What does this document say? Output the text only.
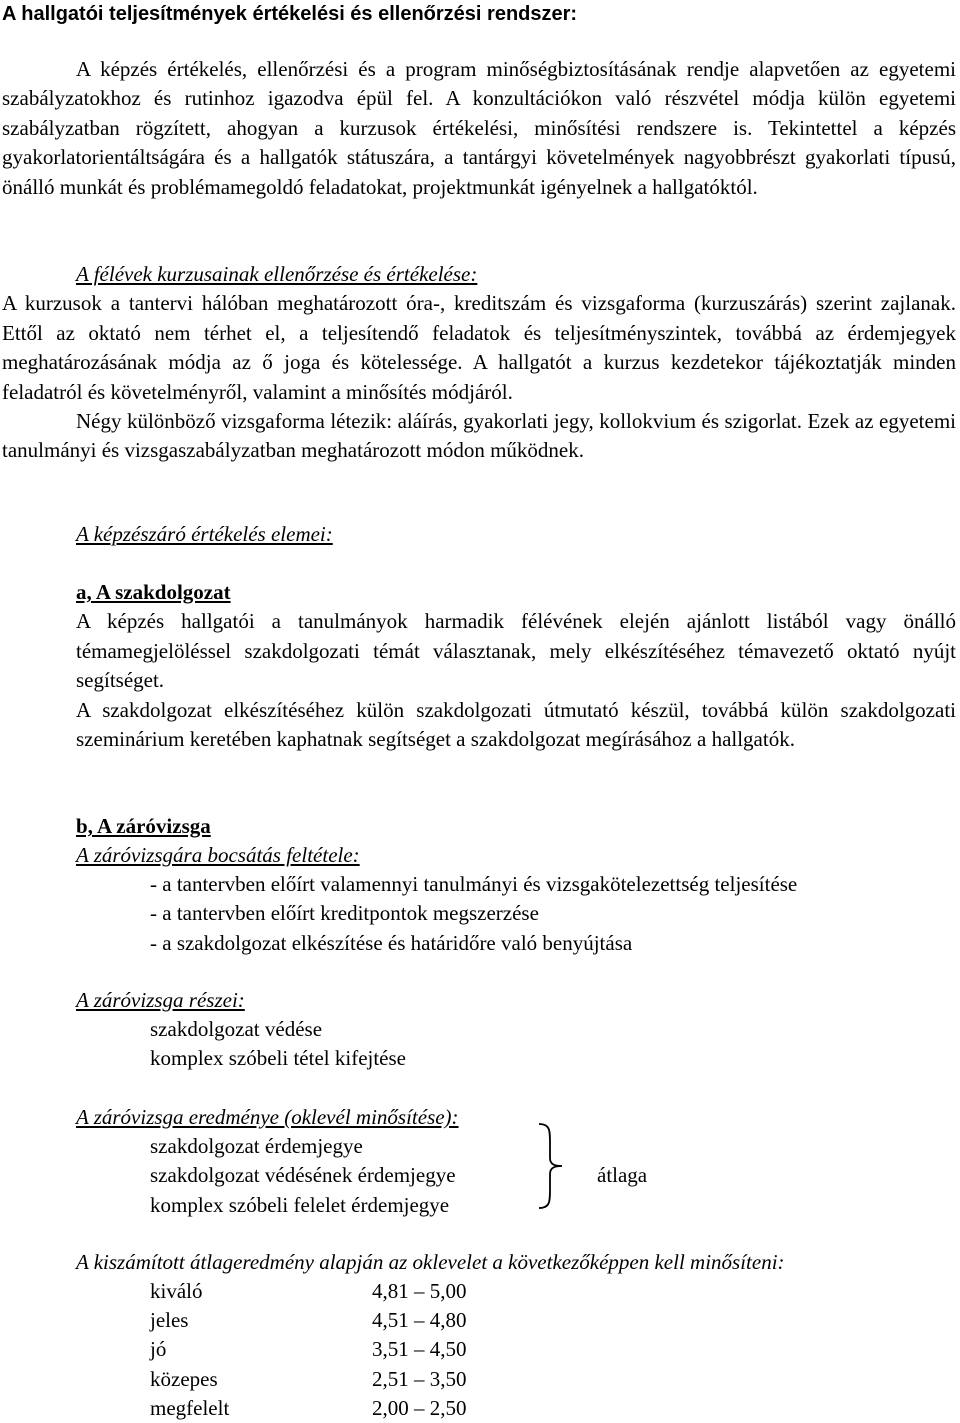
A hallgatói teljesítmények értékelési és ellenőrzési rendszer:

A képzés értékelés, ellenőrzési és a program minőségbiztosításának rendje alapvetően az egyetemi szabályzatokhoz és rutinhoz igazodva épül fel. A konzultációkon való részvétel módja külön egyetemi szabályzatban rögzített, ahogyan a kurzusok értékelési, minősítési rendszere is. Tekintettel a képzés gyakorlatorientáltságára és a hallgatók státuszára, a tantárgyi követelmények nagyobbrészt gyakorlati típusú, önálló munkát és problémamegoldó feladatokat, projektmunkát igényelnek a hallgatóktól.

A félévek kurzusainak ellenőrzése és értékelése:

A kurzusok a tantervi hálóban meghatározott óra-, kreditszám és vizsgaforma (kurzuszárás) szerint zajlanak. Ettől az oktató nem térhet el, a teljesítendő feladatok és teljesítményszintek, továbbá az érdemjegyek meghatározásának módja az ő joga és kötelessége. A hallgatót a kurzus kezdetekor tájékoztatják minden feladatról és követelményről, valamint a minősítés módjáról.

Négy különböző vizsgaforma létezik: aláírás, gyakorlati jegy, kollokvium és szigorlat. Ezek az egyetemi tanulmányi és vizsgaszabályzatban meghatározott módon működnek.

A képzészáró értékelés elemei:
a, A szakdolgozat
A képzés hallgatói a tanulmányok harmadik félévének elején ajánlott listából vagy önálló témamegjelöléssel szakdolgozati témát választanak, mely elkészítéséhez témavezető oktató nyújt segítséget.
A szakdolgozat elkészítéséhez külön szakdolgozati útmutató készül, továbbá külön szakdolgozati szeminárium keretében kaphatnak segítséget a szakdolgozat megírásához a hallgatók.
b, A záróvizsga
A záróvizsgára bocsátás feltétele:
- a tantervben előírt valamennyi tanulmányi és vizsgakötelezettség teljesítése
- a tantervben előírt kreditpontok megszerzése
- a szakdolgozat elkészítése és határidőre való benyújtása
A záróvizsga részei:
szakdolgozat védése
komplex szóbeli tétel kifejtése
A záróvizsga eredménye (oklevél minősítése):
szakdolgozat érdemjegye
szakdolgozat védésének érdemjegye
komplex szóbeli felelet érdemjegye
átlaga
A kiszámított átlageredmény alapján az oklevelet a következőképpen kell minősíteni:
kiváló	4,81 – 5,00
jeles	4,51 – 4,80
jó	3,51 – 4,50
közepes	2,51 – 3,50
megfelelt	2,00 – 2,50
